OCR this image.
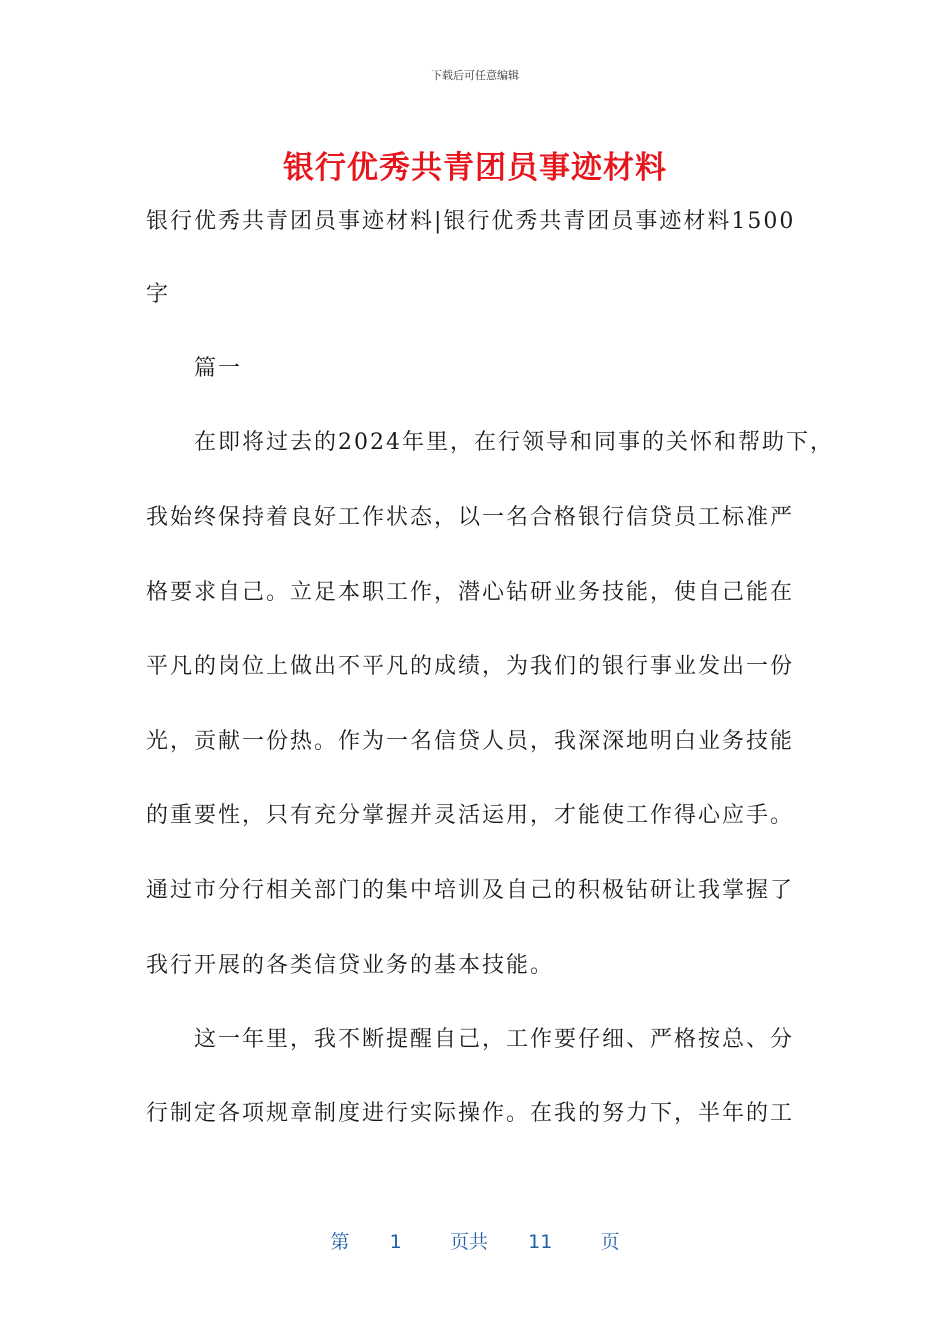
下载后可任意编辑
银行优秀共青团员事迹材料
银行优秀共青团员事迹材料|银行优秀共青团员事迹材料1500
字
篇一
在即将过去的2024年里，在行领导和同事的关怀和帮助下，
我始终保持着良好工作状态，以一名合格银行信贷员工标准严
格要求自己。立足本职工作，潜心钻研业务技能，使自己能在
平凡的岗位上做出不平凡的成绩，为我们的银行事业发出一份
光，贡献一份热。作为一名信贷人员，我深深地明白业务技能
的重要性，只有充分掌握并灵活运用，才能使工作得心应手。
通过市分行相关部门的集中培训及自己的积极钻研让我掌握了
我行开展的各类信贷业务的基本技能。
这一年里，我不断提醒自己，工作要仔细、严格按总、分
行制定各项规章制度进行实际操作。在我的努力下，半年的工
第 1	页共 11	页
